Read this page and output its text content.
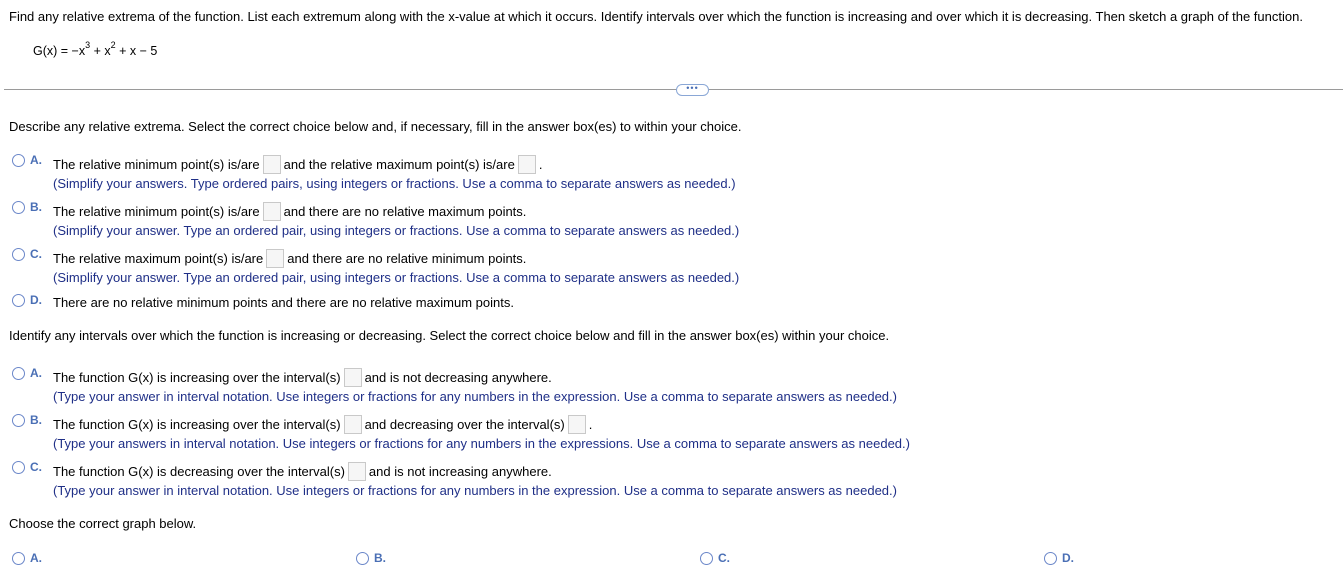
Find any relative extrema of the function. List each extremum along with the x-value at which it occurs. Identify intervals over which the function is increasing and over which it is decreasing. Then sketch a graph of the function.
$G(x) = -x^3 + x^2 + x - 5$
•••
Describe any relative extrema. Select the correct choice below and, if necessary, fill in the answer box(es) to within your choice.
A. The relative minimum point(s) is/are and the relative maximum point(s) is/are .
(Simplify your answers. Type ordered pairs, using integers or fractions. Use a comma to separate answers as needed.)
B. The relative minimum point(s) is/are and there are no relative maximum points.
(Simplify your answer. Type an ordered pair, using integers or fractions. Use a comma to separate answers as needed.)
C. The relative maximum point(s) is/are and there are no relative minimum points.
(Simplify your answer. Type an ordered pair, using integers or fractions. Use a comma to separate answers as needed.)
D. There are no relative minimum points and there are no relative maximum points.
Identify any intervals over which the function is increasing or decreasing. Select the correct choice below and fill in the answer box(es) within your choice.
A. The function G(x) is increasing over the interval(s) and is not decreasing anywhere.
(Type your answer in interval notation. Use integers or fractions for any numbers in the expression. Use a comma to separate answers as needed.)
B. The function G(x) is increasing over the interval(s) and decreasing over the interval(s) .
(Type your answers in interval notation. Use integers or fractions for any numbers in the expressions. Use a comma to separate answers as needed.)
C. The function G(x) is decreasing over the interval(s) and is not increasing anywhere.
(Type your answer in interval notation. Use integers or fractions for any numbers in the expression. Use a comma to separate answers as needed.)
Choose the correct graph below.
A.	B.	C.	D.
